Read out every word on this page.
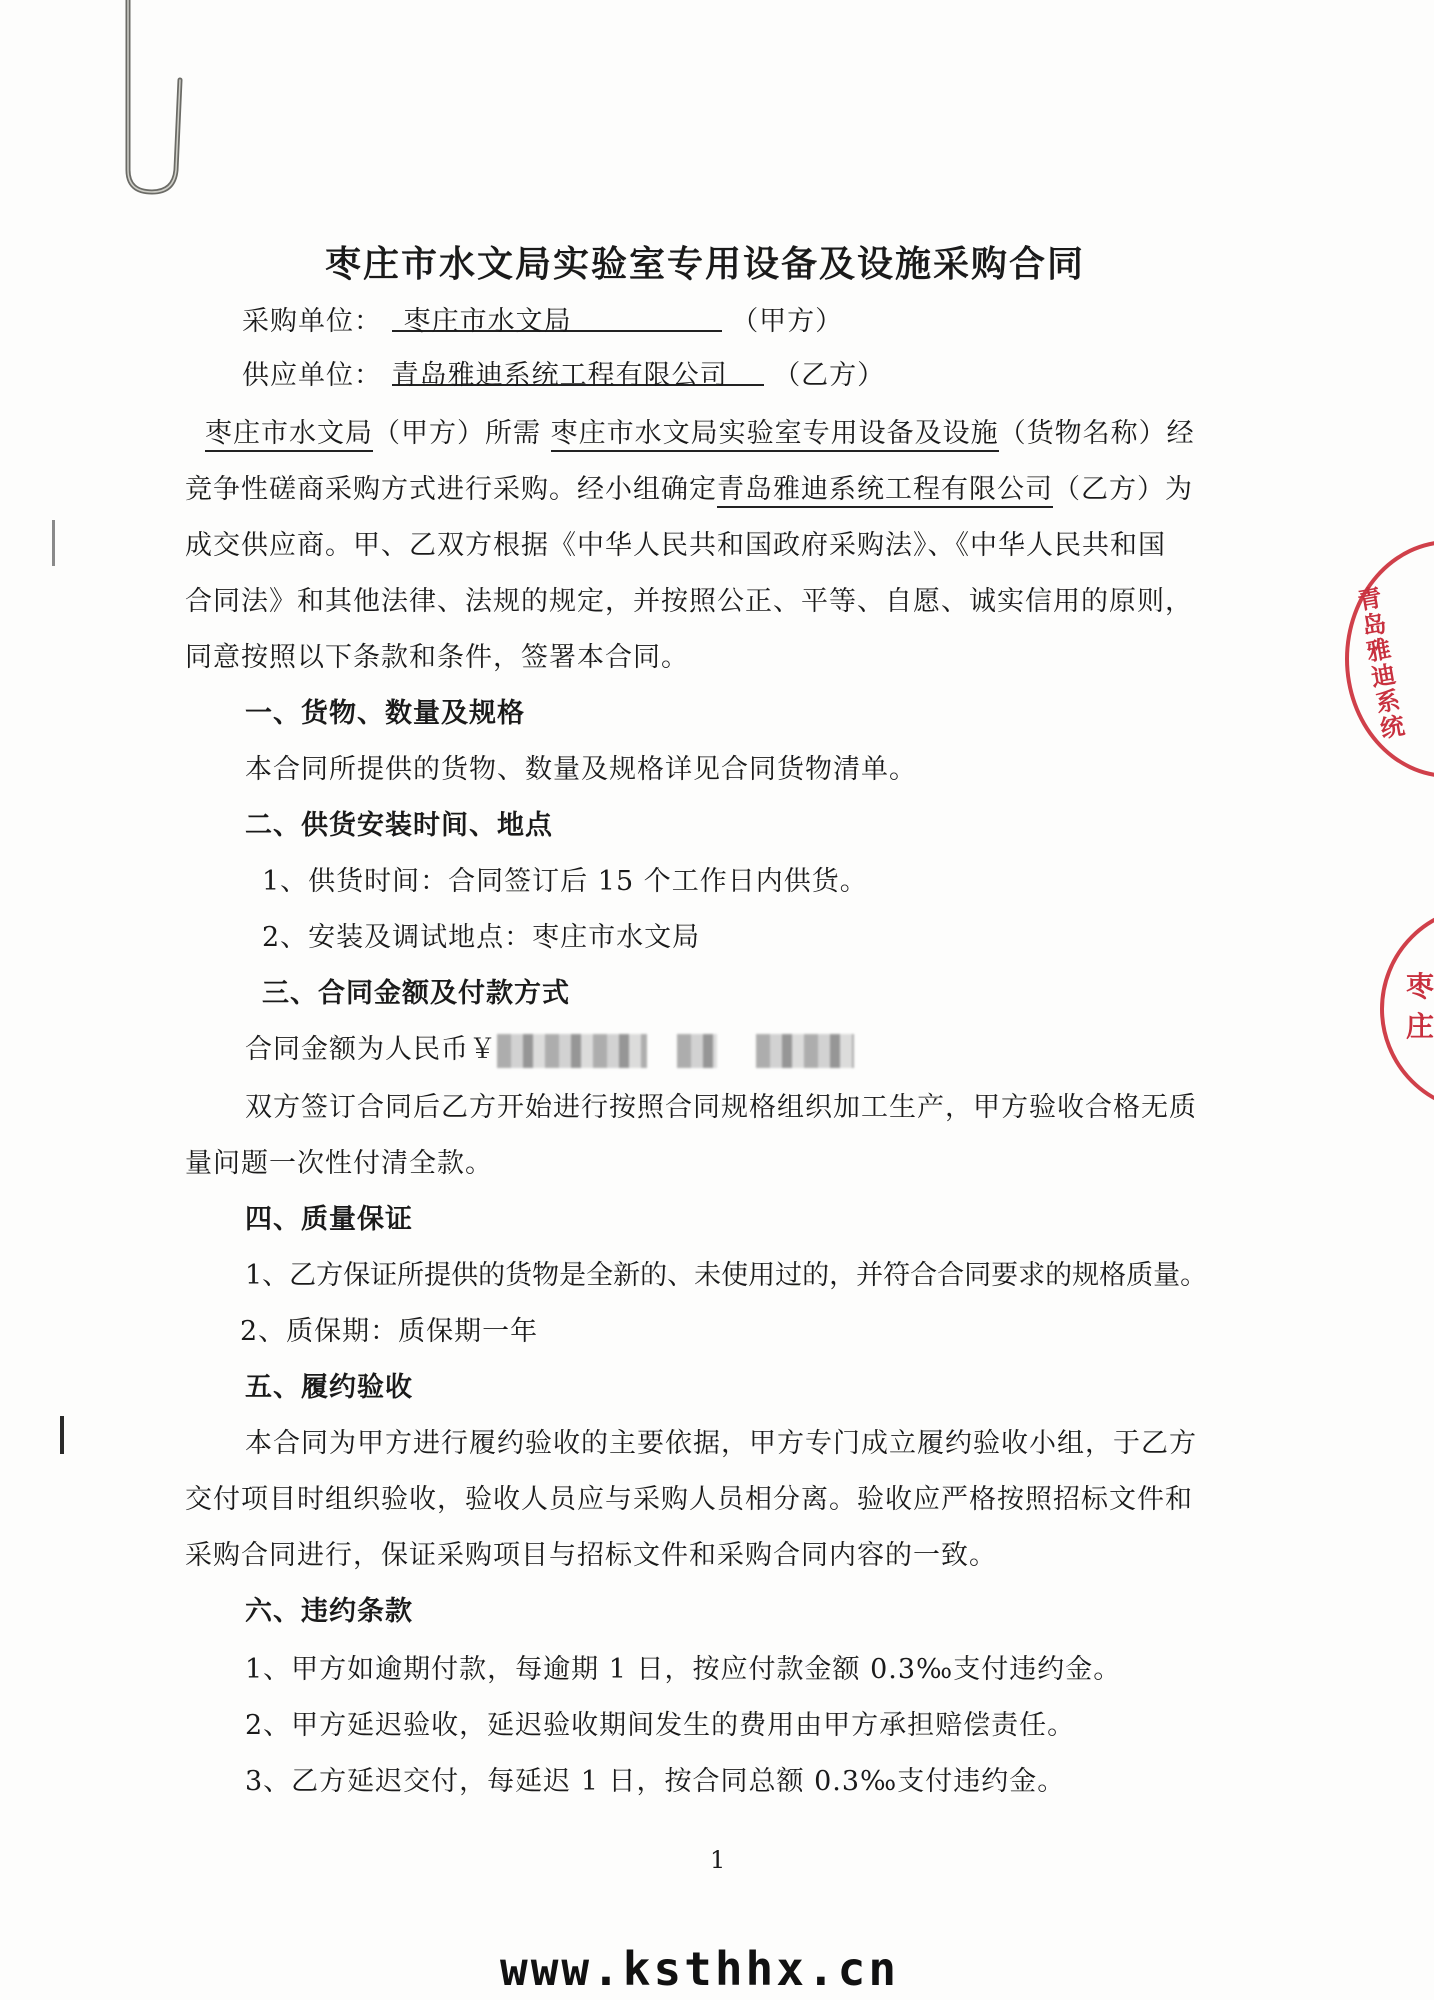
青岛雅迪系统
枣庄
枣庄市水文局实验室专用设备及设施采购合同
采购单位： 枣庄市水文局	（甲方）
供应单位： 青岛雅迪系统工程有限公司 （乙方）
枣庄市水文局（甲方）所需 枣庄市水文局实验室专用设备及设施（货物名称）经
竞争性磋商采购方式进行采购。经小组确定青岛雅迪系统工程有限公司（乙方）为
成交供应商。甲、乙双方根据《中华人民共和国政府采购法》、《中华人民共和国
合同法》和其他法律、法规的规定，并按照公正、平等、自愿、诚实信用的原则，
同意按照以下条款和条件，签署本合同。
一、货物、数量及规格
本合同所提供的货物、数量及规格详见合同货物清单。
二、供货安装时间、地点
1、供货时间：合同签订后 15 个工作日内供货。
2、安装及调试地点：枣庄市水文局
三、合同金额及付款方式
合同金额为人民币￥
双方签订合同后乙方开始进行按照合同规格组织加工生产，甲方验收合格无质
量问题一次性付清全款。
四、质量保证
1、乙方保证所提供的货物是全新的、未使用过的，并符合合同要求的规格质量。
2、质保期：质保期一年
五、履约验收
本合同为甲方进行履约验收的主要依据，甲方专门成立履约验收小组，于乙方
交付项目时组织验收，验收人员应与采购人员相分离。验收应严格按照招标文件和
采购合同进行，保证采购项目与招标文件和采购合同内容的一致。
六、违约条款
1、甲方如逾期付款，每逾期 1 日，按应付款金额 0.3‰支付违约金。
2、甲方延迟验收，延迟验收期间发生的费用由甲方承担赔偿责任。
3、乙方延迟交付，每延迟 1 日，按合同总额 0.3‰支付违约金。
1
www.ksthhx.cn
